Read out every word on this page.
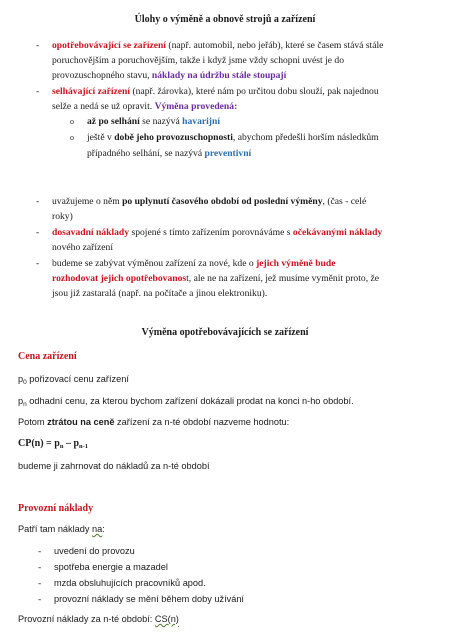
Úlohy o výměně a obnově strojů a zařízení
- opotřebovávající se zařízení (např. automobil, nebo jeřáb), které se časem stává stále
poruchovějším a poruchovějším, takže i když jsme vždy schopni uvést je do
provozuschopného stavu, náklady na údržbu stále stoupají
- selhávající zařízení (např. žárovka), které nám po určitou dobu slouží, pak najednou
selže a nedá se už opravit. Výměna provedená:
o až po selhání se nazývá havarijní
o ještě v době jeho provozuschopnosti, abychom předešli horším následkům
případného selhání, se nazývá preventivní
- uvažujeme o něm po uplynutí časového období od poslední výměny, (čas - celé
roky)
- dosavadní náklady spojené s tímto zařízením porovnáváme s očekávanými náklady
nového zařízení
- budeme se zabývat výměnou zařízení za nové, kde o jejich výměně bude
rozhodovat jejich opotřebovanost, ale ne na zařízení, jež musíme vyměnit proto, že
jsou již zastaralá (např. na počítače a jinou elektroniku).
Výměna opotřebovávajících se zařízení
Cena zařízení
$p_0$ pořizovací cenu zařízení
$p_n$ odhadní cenu, za kterou bychom zařízení dokázali prodat na konci n-ho období.
Potom ztrátou na ceně zařízení za n-té období nazveme hodnotu:
$CP(n) = p_n - p_{n-1}$
budeme ji zahrnovat do nákladů za n-té období
Provozní náklady
Patří tam náklady na:
- uvedení do provozu
- spotřeba energie a mazadel
- mzda obsluhujících pracovníků apod.
- provozní náklady se mění během doby užívání
Provozní náklady za n-té období: CS(n)
